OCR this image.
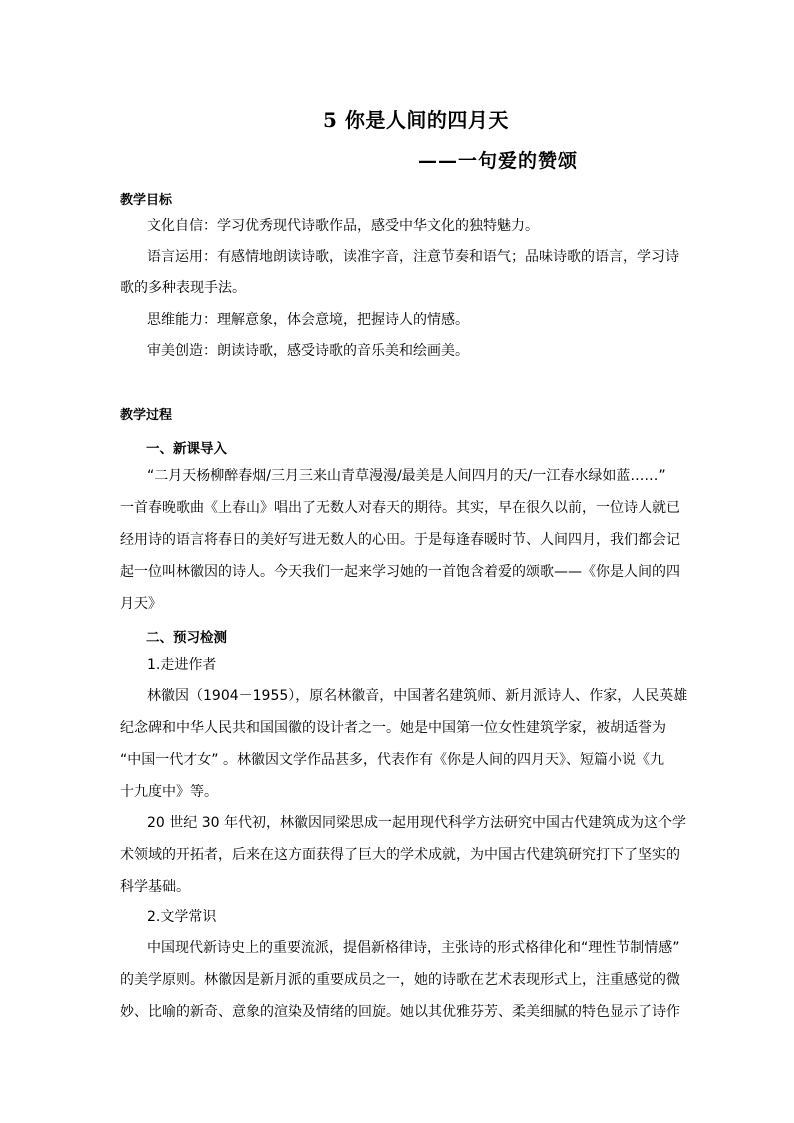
5 你是人间的四月天
——一句爱的赞颂
教学目标
文化自信：学习优秀现代诗歌作品，感受中华文化的独特魅力。
语言运用：有感情地朗读诗歌，读准字音，注意节奏和语气；品味诗歌的语言，学习诗
歌的多种表现手法。
思维能力：理解意象，体会意境，把握诗人的情感。
审美创造：朗读诗歌，感受诗歌的音乐美和绘画美。
教学过程
一、新课导入
“二月天杨柳醉春烟/三月三来山青草漫漫/最美是人间四月的天/一江春水绿如蓝……”
一首春晚歌曲《上春山》唱出了无数人对春天的期待。其实，早在很久以前，一位诗人就已
经用诗的语言将春日的美好写进无数人的心田。于是每逢春暖时节、人间四月，我们都会记
起一位叫林徽因的诗人。今天我们一起来学习她的一首饱含着爱的颂歌——《你是人间的四
月天》
二、预习检测
1.走进作者
林徽因（1904－1955），原名林徽音，中国著名建筑师、新月派诗人、作家，人民英雄
纪念碑和中华人民共和国国徽的设计者之一。她是中国第一位女性建筑学家，被胡适誉为
“中国一代才女” 。林徽因文学作品甚多，代表作有《你是人间的四月天》、短篇小说《九
十九度中》等。
20 世纪 30 年代初，林徽因同梁思成一起用现代科学方法研究中国古代建筑成为这个学
术领域的开拓者，后来在这方面获得了巨大的学术成就，为中国古代建筑研究打下了坚实的
科学基础。
2.文学常识
中国现代新诗史上的重要流派，提倡新格律诗，主张诗的形式格律化和“理性节制情感”
的美学原则。林徽因是新月派的重要成员之一，她的诗歌在艺术表现形式上，注重感觉的微
妙、比喻的新奇、意象的渲染及情绪的回旋。她以其优雅芬芳、柔美细腻的特色显示了诗作
